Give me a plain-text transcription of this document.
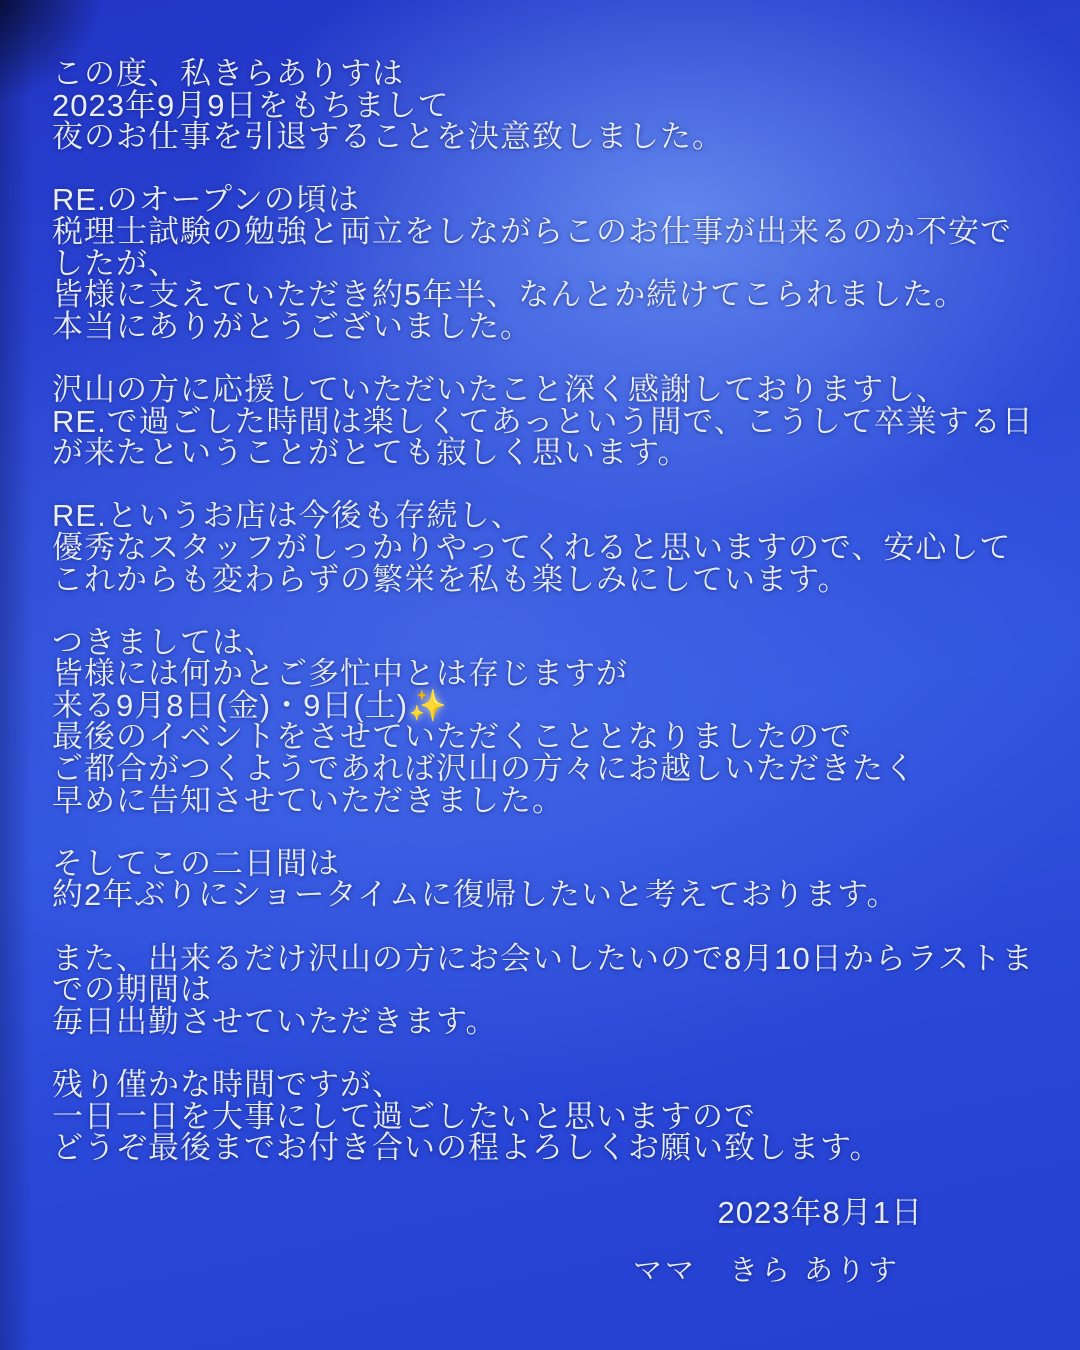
この度、私きらありすは
2023年9月9日をもちまして
夜のお仕事を引退することを決意致しました。

RE.のオープンの頃は
税理士試験の勉強と両立をしながらこのお仕事が出来るのか不安で
したが、
皆様に支えていただき約5年半、なんとか続けてこられました。
本当にありがとうございました。

沢山の方に応援していただいたこと深く感謝しておりますし、
RE.で過ごした時間は楽しくてあっという間で、こうして卒業する日
が来たということがとても寂しく思います。

RE.というお店は今後も存続し、
優秀なスタッフがしっかりやってくれると思いますので、安心して
これからも変わらずの繁栄を私も楽しみにしています。

つきましては、
皆様には何かとご多忙中とは存じますが
来る9月8日(金)・9日(土)✨
最後のイベントをさせていただくこととなりましたので
ご都合がつくようであれば沢山の方々にお越しいただきたく
早めに告知させていただきました。

そしてこの二日間は
約2年ぶりにショータイムに復帰したいと考えております。

また、出来るだけ沢山の方にお会いしたいので8月10日からラストま
での期間は
毎日出勤させていただきます。

残り僅かな時間ですが、
一日一日を大事にして過ごしたいと思いますので
どうぞ最後までお付き合いの程よろしくお願い致します。

2023年8月1日
ママ　きら ありす
